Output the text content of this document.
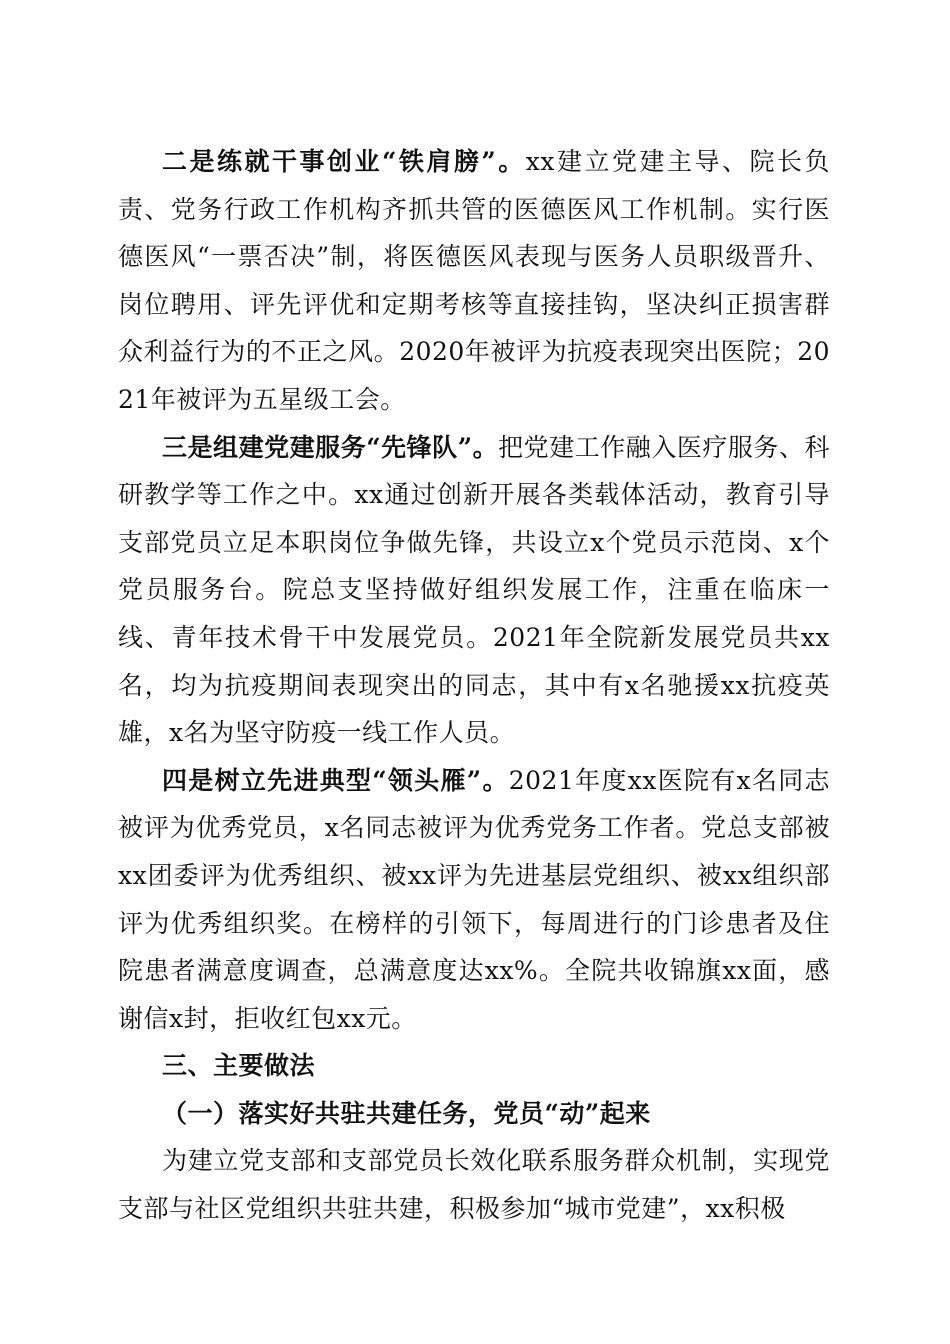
二是练就干事创业“铁肩膀”。xx建立党建主导、院长负责、党务行政工作机构齐抓共管的医德医风工作机制。实行医德医风“一票否决”制，将医德医风表现与医务人员职级晋升、岗位聘用、评先评优和定期考核等直接挂钩，坚决纠正损害群众利益行为的不正之风。2020年被评为抗疫表现突出医院；2021年被评为五星级工会。

三是组建党建服务“先锋队”。把党建工作融入医疗服务、科研教学等工作之中。xx通过创新开展各类载体活动，教育引导支部党员立足本职岗位争做先锋，共设立x个党员示范岗、x个党员服务台。院总支坚持做好组织发展工作，注重在临床一线、青年技术骨干中发展党员。2021年全院新发展党员共xx名，均为抗疫期间表现突出的同志，其中有x名驰援xx抗疫英雄，x名为坚守防疫一线工作人员。

四是树立先进典型“领头雁”。2021年度xx医院有x名同志被评为优秀党员，x名同志被评为优秀党务工作者。党总支部被xx团委评为优秀组织、被xx评为先进基层党组织、被xx组织部评为优秀组织奖。在榜样的引领下，每周进行的门诊患者及住院患者满意度调查，总满意度达xx%。全院共收锦旗xx面，感谢信x封，拒收红包xx元。

三、主要做法

（一）落实好共驻共建任务，党员“动”起来

为建立党支部和支部党员长效化联系服务群众机制，实现党支部与社区党组织共驻共建，积极参加“城市党建”，xx积极
